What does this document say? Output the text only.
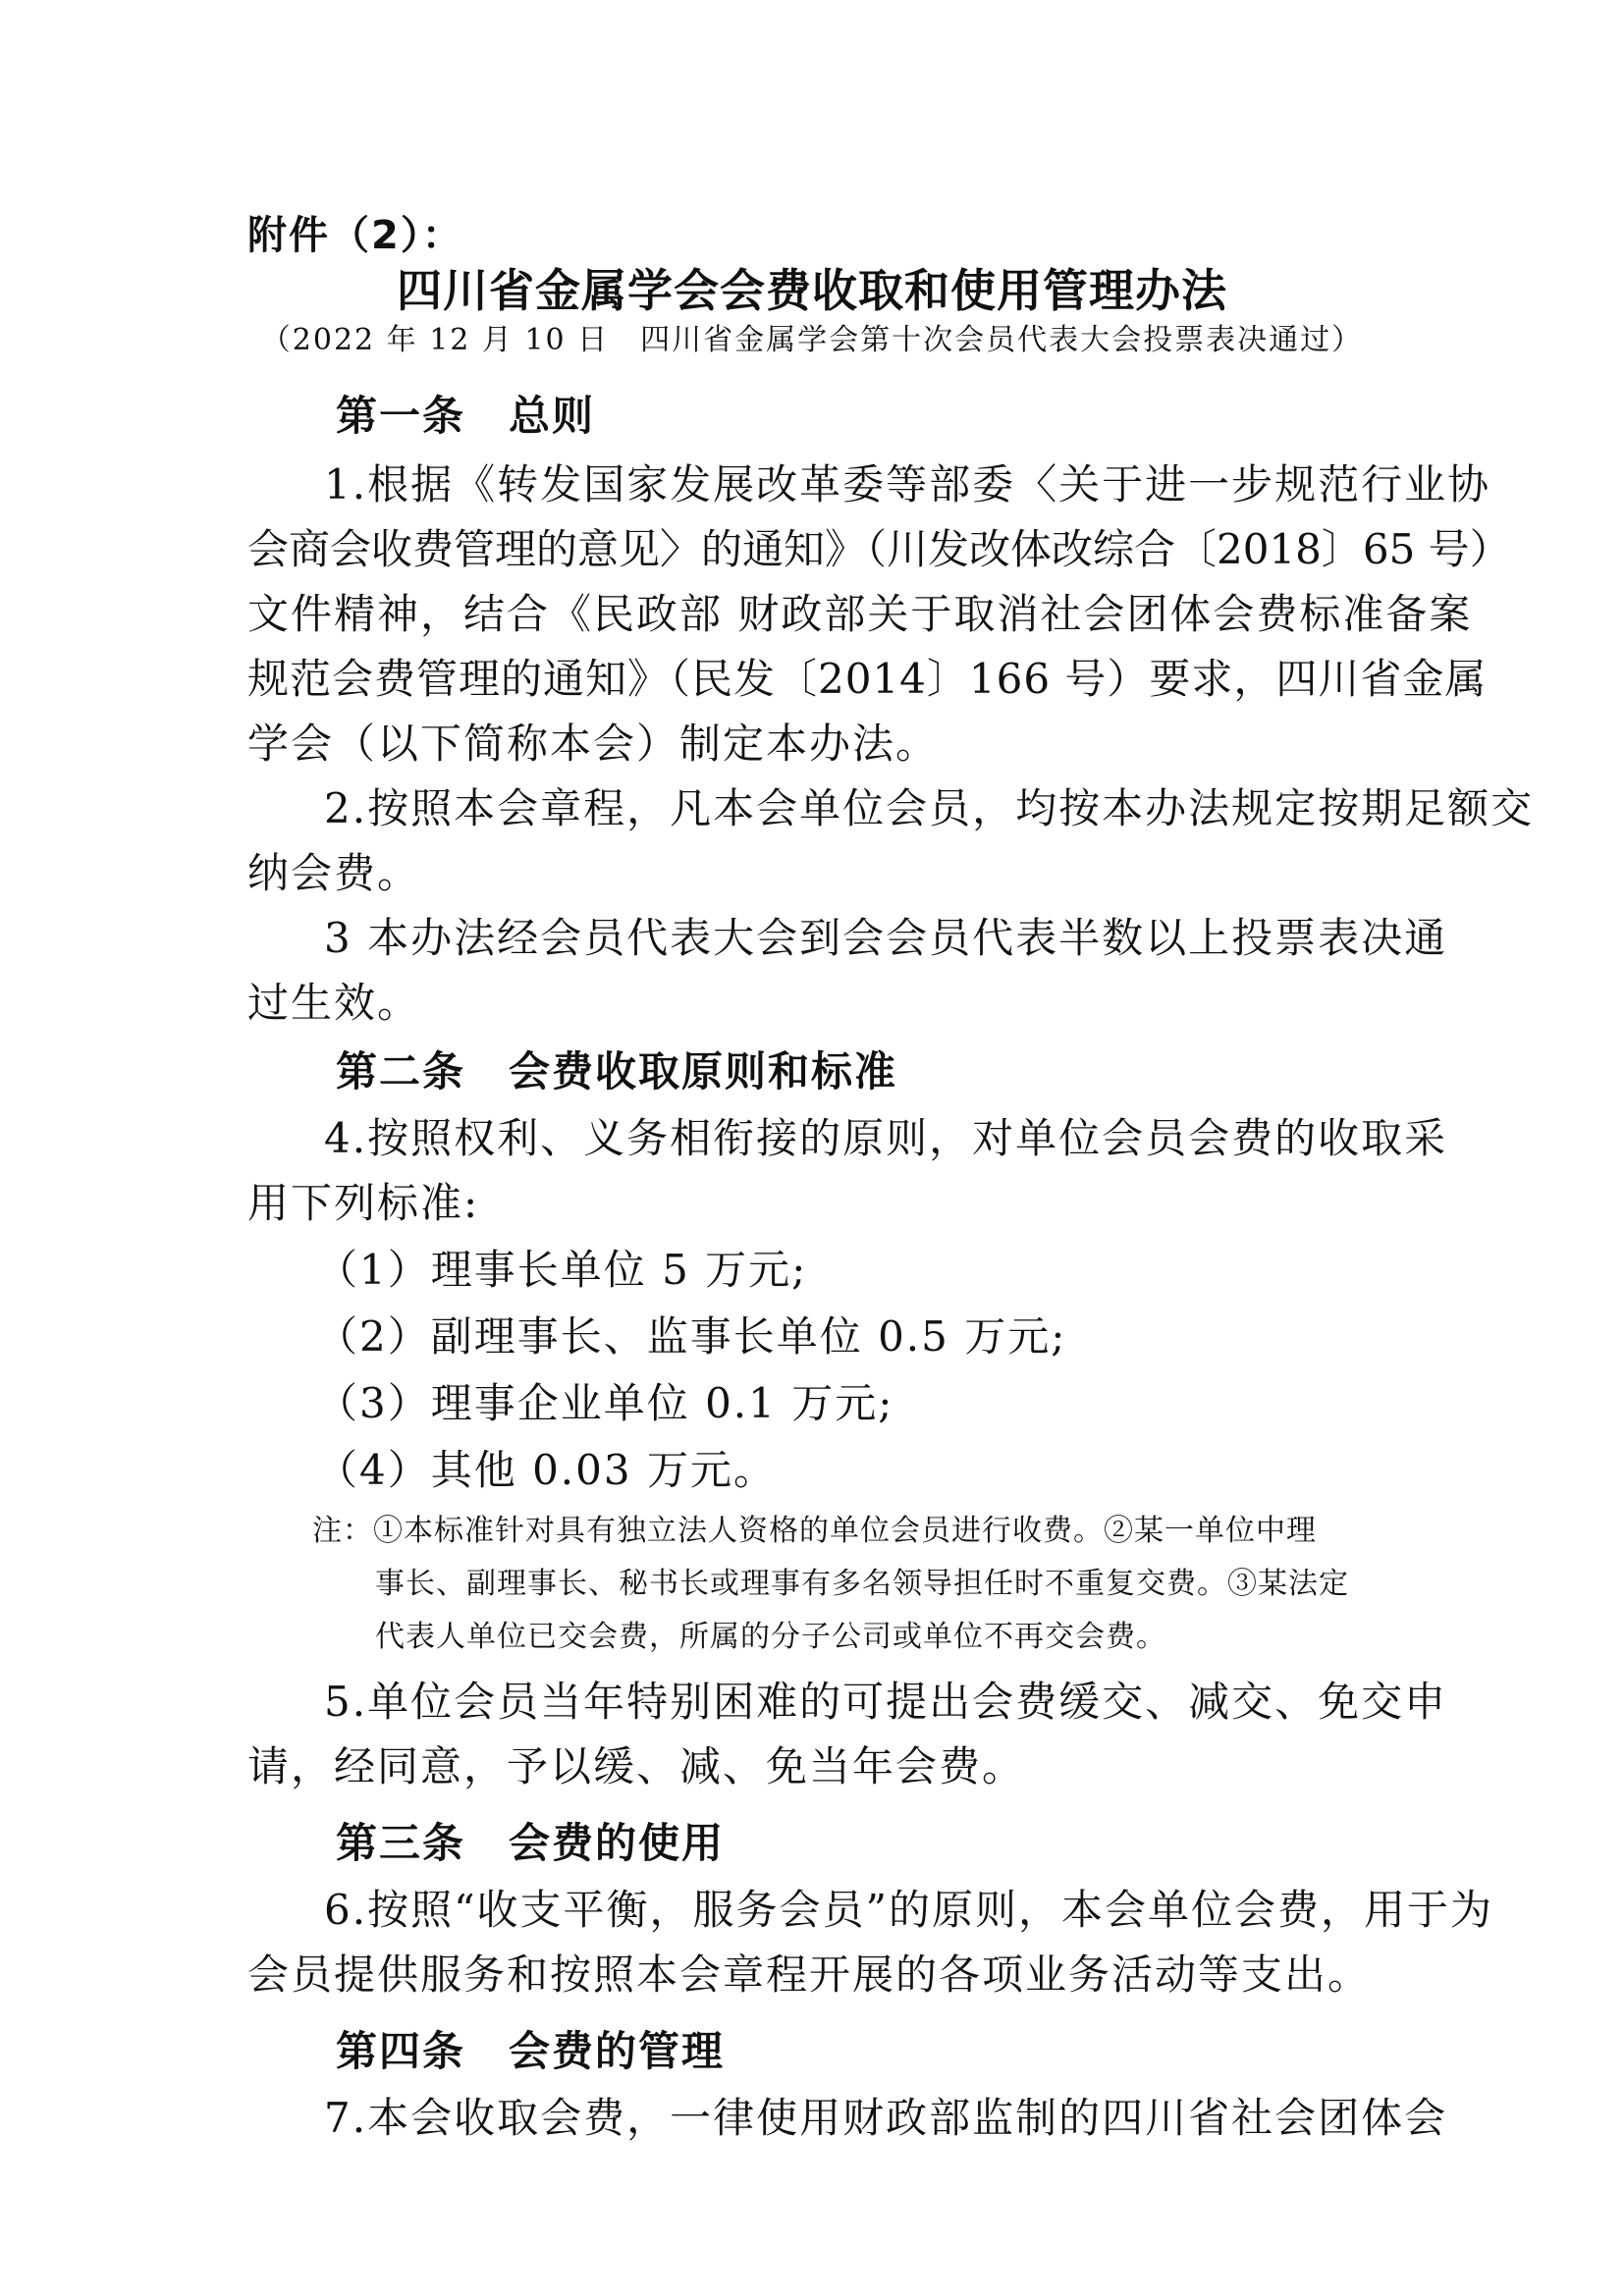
附件（2）：
四川省金属学会会费收取和使用管理办法
（2022 年 12 月 10 日　四川省金属学会第十次会员代表大会投票表决通过）
第一条　总则
1.根据《转发国家发展改革委等部委〈关于进一步规范行业协
会商会收费管理的意见〉的通知》（川发改体改综合〔2018〕65 号）
文件精神，结合《民政部 财政部关于取消社会团体会费标准备案
规范会费管理的通知》（民发〔2014〕166 号）要求，四川省金属
学会（以下简称本会）制定本办法。
2.按照本会章程，凡本会单位会员，均按本办法规定按期足额交
纳会费。
3 本办法经会员代表大会到会会员代表半数以上投票表决通
过生效。
第二条　会费收取原则和标准
4.按照权利、义务相衔接的原则，对单位会员会费的收取采
用下列标准:
（1）理事长单位 5 万元;
（2）副理事长、监事长单位 0.5 万元;
（3）理事企业单位 0.1 万元;
（4）其他 0.03 万元。
注：①本标准针对具有独立法人资格的单位会员进行收费。②某一单位中理
事长、副理事长、秘书长或理事有多名领导担任时不重复交费。③某法定
代表人单位已交会费，所属的分子公司或单位不再交会费。
5.单位会员当年特别困难的可提出会费缓交、减交、免交申
请，经同意，予以缓、减、免当年会费。
第三条　会费的使用
6.按照“收支平衡，服务会员”的原则，本会单位会费，用于为
会员提供服务和按照本会章程开展的各项业务活动等支出。
第四条　会费的管理
7.本会收取会费，一律使用财政部监制的四川省社会团体会
